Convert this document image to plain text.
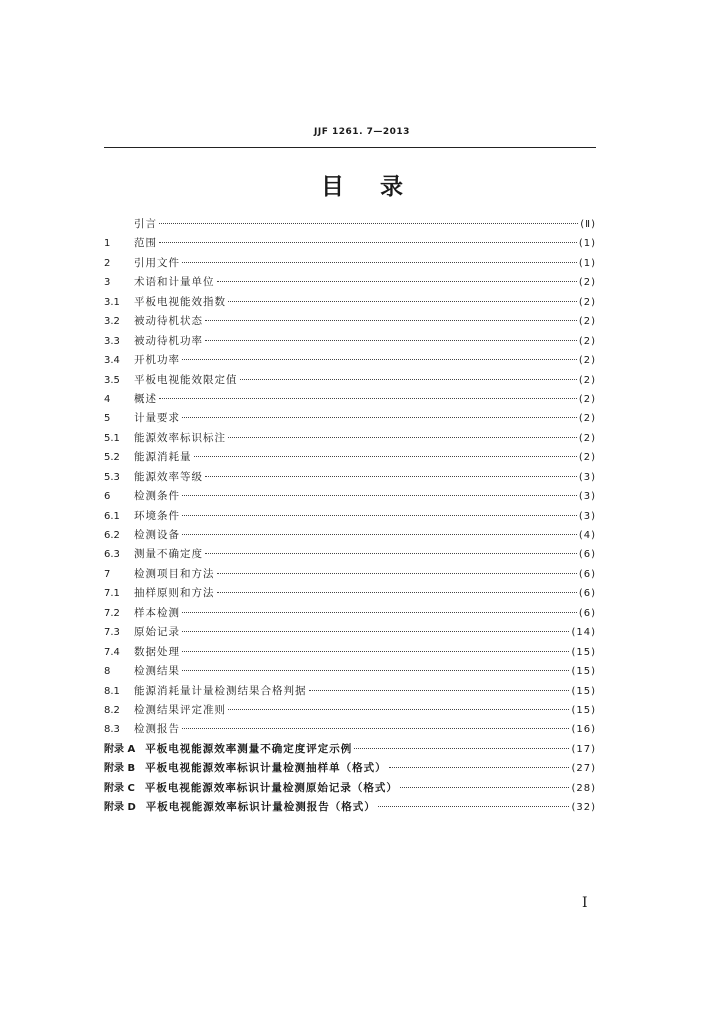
JJF 1261. 7—2013
目 录
引言	(Ⅱ)
1	范围	(1)
2	引用文件	(1)
3	术语和计量单位	(2)
3.1	平板电视能效指数	(2)
3.2	被动待机状态	(2)
3.3	被动待机功率	(2)
3.4	开机功率	(2)
3.5	平板电视能效限定值	(2)
4	概述	(2)
5	计量要求	(2)
5.1	能源效率标识标注	(2)
5.2	能源消耗量	(2)
5.3	能源效率等级	(3)
6	检测条件	(3)
6.1	环境条件	(3)
6.2	检测设备	(4)
6.3	测量不确定度	(6)
7	检测项目和方法	(6)
7.1	抽样原则和方法	(6)
7.2	样本检测	(6)
7.3	原始记录	(14)
7.4	数据处理	(15)
8	检测结果	(15)
8.1	能源消耗量计量检测结果合格判据	(15)
8.2	检测结果评定准则	(15)
8.3	检测报告	(16)
附录 A 平板电视能源效率测量不确定度评定示例	(17)
附录 B 平板电视能源效率标识计量检测抽样单（格式）	(27)
附录 C 平板电视能源效率标识计量检测原始记录（格式）	(28)
附录 D 平板电视能源效率标识计量检测报告（格式）	(32)
I
